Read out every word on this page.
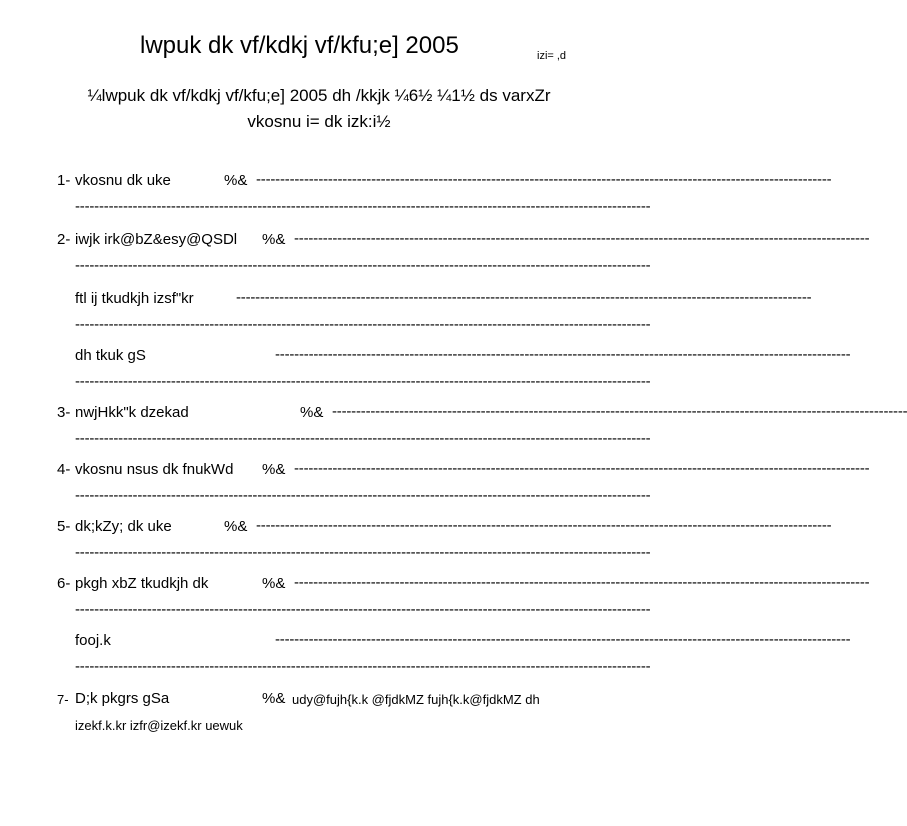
lwpuk dk vf/kdkj vf/kfu;e] 2005	izi= ,d
¼lwpuk dk vf/kdkj vf/kfu;e] 2005 dh /kkjk ¼6½ ¼1½ ds varxZr
vkosnu i= dk izk:i½
1- vkosnu dk uke	%& ------------------------------------------------------------------------------------------------------------------------
------------------------------------------------------------------------------------------------------------------------
2- iwjk irk@bZ&esy@QSDl %& ------------------------------------------------------------------------------------------------------------------------
------------------------------------------------------------------------------------------------------------------------
ftl ij tkudkjh izsf"kr	------------------------------------------------------------------------------------------------------------------------
------------------------------------------------------------------------------------------------------------------------
dh tkuk gS	------------------------------------------------------------------------------------------------------------------------
------------------------------------------------------------------------------------------------------------------------
3- nwjHkk"k dzekad	%& ------------------------------------------------------------------------------------------------------------------------
------------------------------------------------------------------------------------------------------------------------
4- vkosnu nsus dk fnukWd %& ------------------------------------------------------------------------------------------------------------------------
------------------------------------------------------------------------------------------------------------------------
5- dk;kZy; dk uke	%& ------------------------------------------------------------------------------------------------------------------------
------------------------------------------------------------------------------------------------------------------------
6- pkgh xbZ tkudkjh dk	%& ------------------------------------------------------------------------------------------------------------------------
------------------------------------------------------------------------------------------------------------------------
fooj.k	------------------------------------------------------------------------------------------------------------------------
------------------------------------------------------------------------------------------------------------------------
7- D;k pkgrs gSa	%& udy@fujh{k.k @fjdkMZ fujh{k.k@fjdkMZ dh
izekf.k.kr izfr@izekf.kr uewuk
